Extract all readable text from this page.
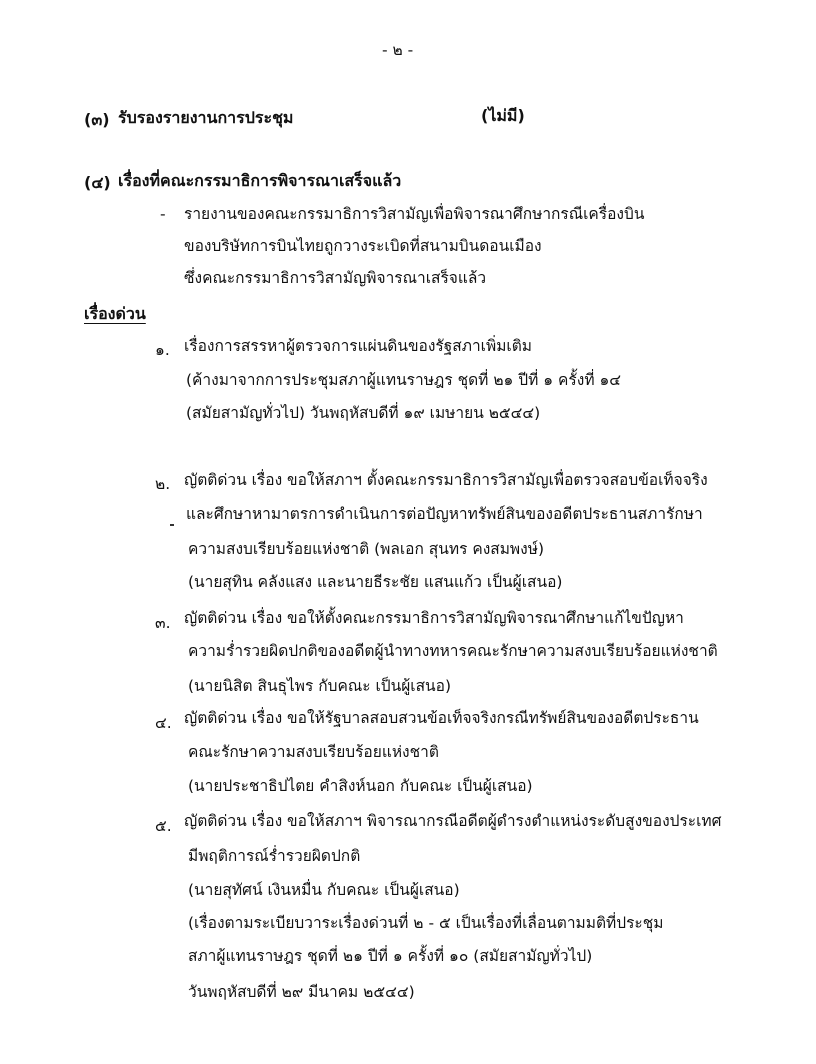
- ๒ -
(๓) รับรองรายงานการประชุม	(ไม่มี)
(๔) เรื่องที่คณะกรรมาธิการพิจารณาเสร็จแล้ว
- รายงานของคณะกรรมาธิการวิสามัญเพื่อพิจารณาศึกษากรณีเครื่องบิน
ของบริษัทการบินไทยถูกวางระเบิดที่สนามบินดอนเมือง
ซึ่งคณะกรรมาธิการวิสามัญพิจารณาเสร็จแล้ว
เรื่องด่วน
๑. เรื่องการสรรหาผู้ตรวจการแผ่นดินของรัฐสภาเพิ่มเติม
(ค้างมาจากการประชุมสภาผู้แทนราษฎร ชุดที่ ๒๑ ปีที่ ๑ ครั้งที่ ๑๔
(สมัยสามัญทั่วไป) วันพฤหัสบดีที่ ๑๙ เมษายน ๒๕๔๔)
๒. ญัตติด่วน เรื่อง ขอให้สภาฯ ตั้งคณะกรรมาธิการวิสามัญเพื่อตรวจสอบข้อเท็จจริง
และศึกษาหามาตรการดำเนินการต่อปัญหาทรัพย์สินของอดีตประธานสภารักษา
ความสงบเรียบร้อยแห่งชาติ (พลเอก สุนทร คงสมพงษ์)
(นายสุทิน คลังแสง และนายธีระชัย แสนแก้ว เป็นผู้เสนอ)
๓. ญัตติด่วน เรื่อง ขอให้ตั้งคณะกรรมาธิการวิสามัญพิจารณาศึกษาแก้ไขปัญหา
ความร่ำรวยผิดปกติของอดีตผู้นำทางทหารคณะรักษาความสงบเรียบร้อยแห่งชาติ
(นายนิสิต สินธุไพร กับคณะ เป็นผู้เสนอ)
๔. ญัตติด่วน เรื่อง ขอให้รัฐบาลสอบสวนข้อเท็จจริงกรณีทรัพย์สินของอดีตประธาน
คณะรักษาความสงบเรียบร้อยแห่งชาติ
(นายประชาธิปไตย คำสิงห์นอก กับคณะ เป็นผู้เสนอ)
๕. ญัตติด่วน เรื่อง ขอให้สภาฯ พิจารณากรณีอดีตผู้ดำรงตำแหน่งระดับสูงของประเทศ
มีพฤติการณ์ร่ำรวยผิดปกติ
(นายสุทัศน์ เงินหมื่น กับคณะ เป็นผู้เสนอ)
(เรื่องตามระเบียบวาระเรื่องด่วนที่ ๒ - ๕ เป็นเรื่องที่เลื่อนตามมติที่ประชุม
สภาผู้แทนราษฎร ชุดที่ ๒๑ ปีที่ ๑ ครั้งที่ ๑๐ (สมัยสามัญทั่วไป)
วันพฤหัสบดีที่ ๒๙ มีนาคม ๒๕๔๔)
